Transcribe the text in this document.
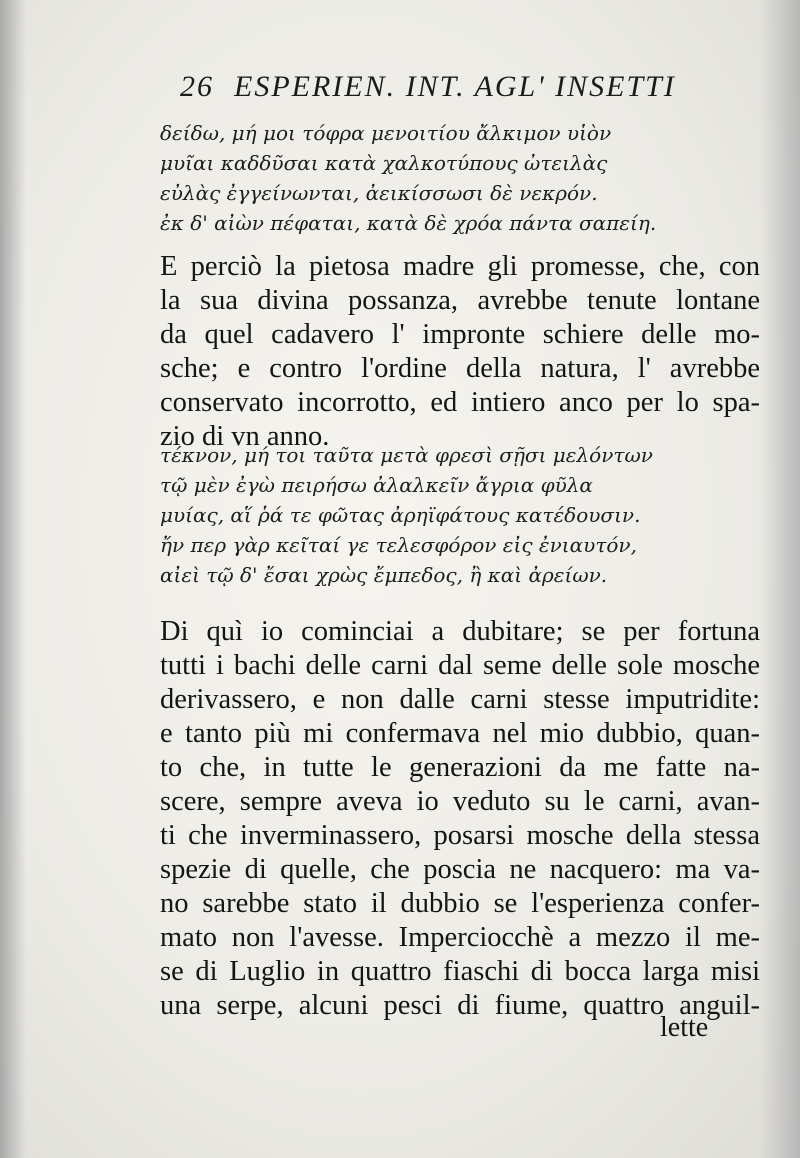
26 ESPERIEN. INT. AGL' INSETTI
δείδω, μή μοι τόφρα μενοιτίου ἄλκιμον υἱὸν
μυῖαι καδδῦσαι κατὰ χαλκοτύπους ὠτειλὰς
εὐλὰς ἐγγείνωνται, ἀεικίσσωσι δὲ νεκρόν.
ἐκ δ' αἰὼν πέφαται, κατὰ δὲ χρόα πάντα σαπείη.
E perciò la pietosa madre gli promesse, che, con
la sua divina possanza, avrebbe tenute lontane
da quel cadavero l' impronte schiere delle mo-
sche; e contro l'ordine della natura, l' avrebbe
conservato incorrotto, ed intiero anco per lo spa-
zio di vn anno.
τέκνον, μή τοι ταῦτα μετὰ φρεσὶ σῇσι μελόντων
τῷ μὲν ἐγὼ πειρήσω ἀλαλκεῖν ἄγρια φῦλα
μυίας, αἵ ῥά τε φῶτας ἀρηϊφάτους κατέδουσιν.
ἤν περ γὰρ κεῖταί γε τελεσφόρον εἰς ἐνιαυτόν,
αἰεὶ τῷ δ' ἔσαι χρὼς ἔμπεδος, ἢ καὶ ἀρείων.
Di quì io cominciai a dubitare; se per fortuna
tutti i bachi delle carni dal seme delle sole mosche
derivassero, e non dalle carni stesse imputridite:
e tanto più mi confermava nel mio dubbio, quan-
to che, in tutte le generazioni da me fatte na-
scere, sempre aveva io veduto su le carni, avan-
ti che inverminassero, posarsi mosche della stessa
spezie di quelle, che poscia ne nacquero: ma va-
no sarebbe stato il dubbio se l'esperienza confer-
mato non l'avesse. Imperciocchè a mezzo il me-
se di Luglio in quattro fiaschi di bocca larga misi
una serpe, alcuni pesci di fiume, quattro anguil-
lette
